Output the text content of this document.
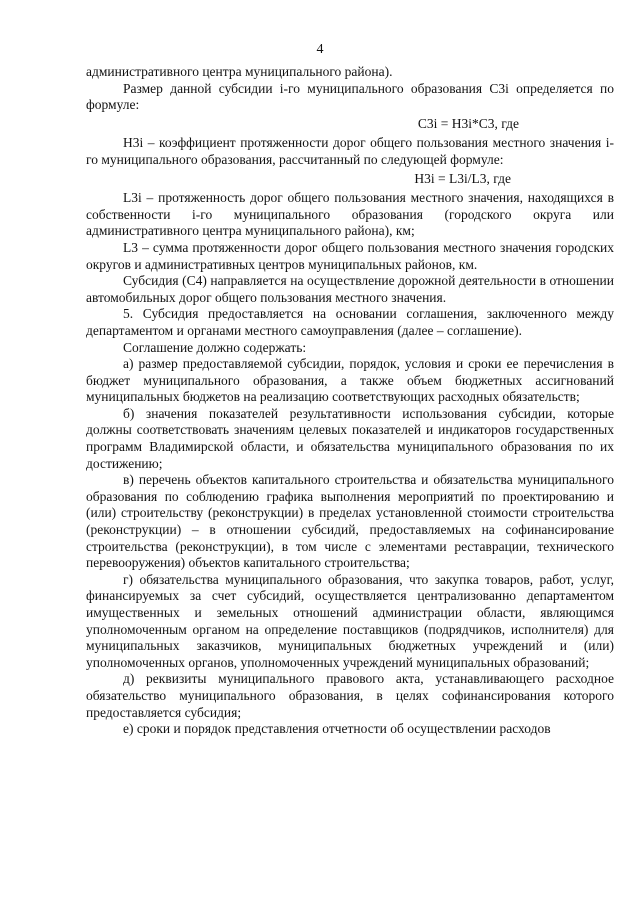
4

административного центра муниципального района).

Размер данной субсидии i-го муниципального образования C3i определяется по формуле:

С3i = Н3i*С3, где

Н3i – коэффициент протяженности дорог общего пользования местного значения i-го муниципального образования, рассчитанный по следующей формуле:

Н3i = L3i/L3, где

L3i – протяженность дорог общего пользования местного значения, находящихся в собственности i-го муниципального образования (городского округа или административного центра муниципального района), км;

L3 – сумма протяженности дорог общего пользования местного значения городских округов и административных центров муниципальных районов, км.

Субсидия (С4) направляется на осуществление дорожной деятельности в отношении автомобильных дорог общего пользования местного значения.

5. Субсидия предоставляется на основании соглашения, заключенного между департаментом и органами местного самоуправления (далее – соглашение).

Соглашение должно содержать:

а) размер предоставляемой субсидии, порядок, условия и сроки ее перечисления в бюджет муниципального образования, а также объем бюджетных ассигнований муниципальных бюджетов на реализацию соответствующих расходных обязательств;

б) значения показателей результативности использования субсидии, которые должны соответствовать значениям целевых показателей и индикаторов государственных программ Владимирской области, и обязательства муниципального образования по их достижению;

в) перечень объектов капитального строительства и обязательства муниципального образования по соблюдению графика выполнения мероприятий по проектированию и (или) строительству (реконструкции) в пределах установленной стоимости строительства (реконструкции) – в отношении субсидий, предоставляемых на софинансирование строительства (реконструкции), в том числе с элементами реставрации, технического перевооружения) объектов капитального строительства;

г) обязательства муниципального образования, что закупка товаров, работ, услуг, финансируемых за счет субсидий, осуществляется централизованно департаментом имущественных и земельных отношений администрации области, являющимся уполномоченным органом на определение поставщиков (подрядчиков, исполнителя) для муниципальных заказчиков, муниципальных бюджетных учреждений и (или) уполномоченных органов, уполномоченных учреждений муниципальных образований;

д) реквизиты муниципального правового акта, устанавливающего расходное обязательство муниципального образования, в целях софинансирования которого предоставляется субсидия;

е) сроки и порядок представления отчетности об осуществлении расходов
